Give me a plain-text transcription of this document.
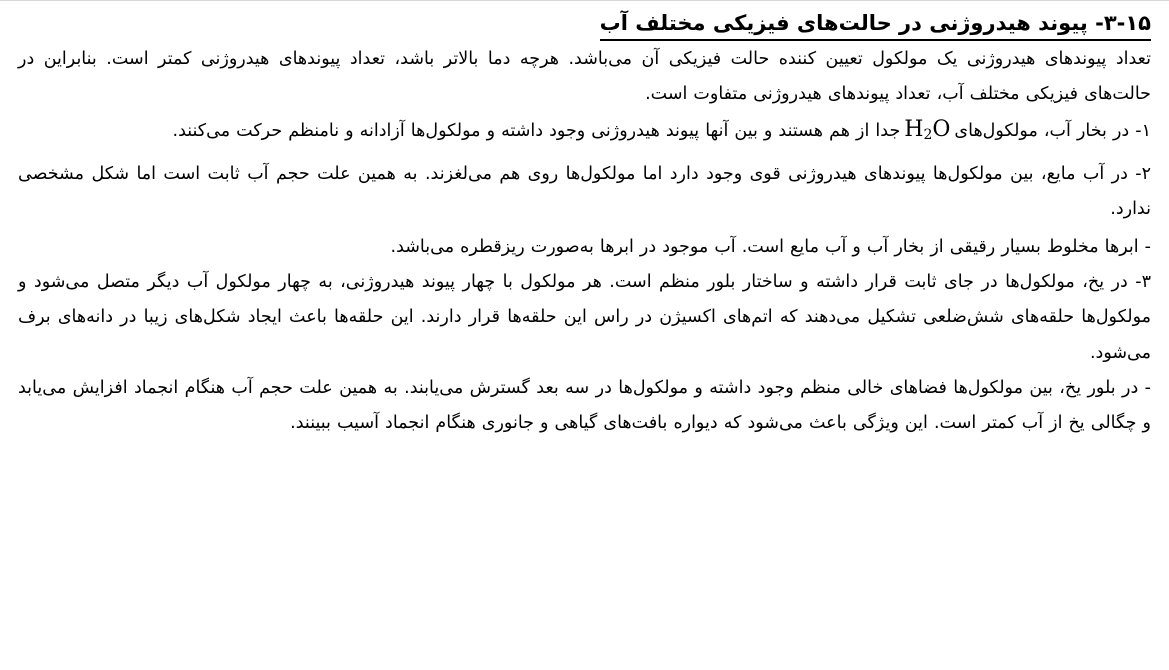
۳-۱۵- پیوند هیدروژنی در حالت‌های فیزیکی مختلف آب

تعداد پیوندهای هیدروژنی یک مولکول تعیین کننده حالت فیزیکی آن می‌باشد. هرچه دما بالاتر باشد، تعداد پیوندهای هیدروژنی کمتر است. بنابراین در حالت‌های فیزیکی مختلف آب، تعداد پیوندهای هیدروژنی متفاوت است.

۱- در بخار آب، مولکول‌هایH$_2$Oجدا از هم هستند و بین آنها پیوند هیدروژنی وجود داشته و مولکول‌ها آزادانه و نامنظم حرکت می‌کنند.

۲- در آب مایع، بین مولکول‌ها پیوندهای هیدروژنی قوی وجود دارد اما مولکول‌ها روی هم می‌لغزند. به همین علت حجم آب ثابت است اما شکل مشخصی ندارد.

- ابرها مخلوط بسیار رقیقی از بخار آب و آب مایع است. آب موجود در ابرها به‌صورت ریزقطره می‌باشد.

۳- در یخ، مولکول‌ها در جای ثابت قرار داشته و ساختار بلور منظم است. هر مولکول با چهار پیوند هیدروژنی، به چهار مولکول آب دیگر متصل می‌شود و مولکول‌ها حلقه‌های شش‌ضلعی تشکیل می‌دهند که اتم‌های اکسیژن در راس این حلقه‌ها قرار دارند. این حلقه‌ها باعث ایجاد شکل‌های زیبا در دانه‌های برف می‌شود.

- در بلور یخ، بین مولکول‌ها فضاهای خالی منظم وجود داشته و مولکول‌ها در سه بعد گسترش می‌یابند. به همین علت حجم آب هنگام انجماد افزایش می‌یابد و چگالی یخ از آب کمتر است. این ویژگی باعث می‌شود که دیواره بافت‌های گیاهی و جانوری هنگام انجماد آسیب ببینند.
